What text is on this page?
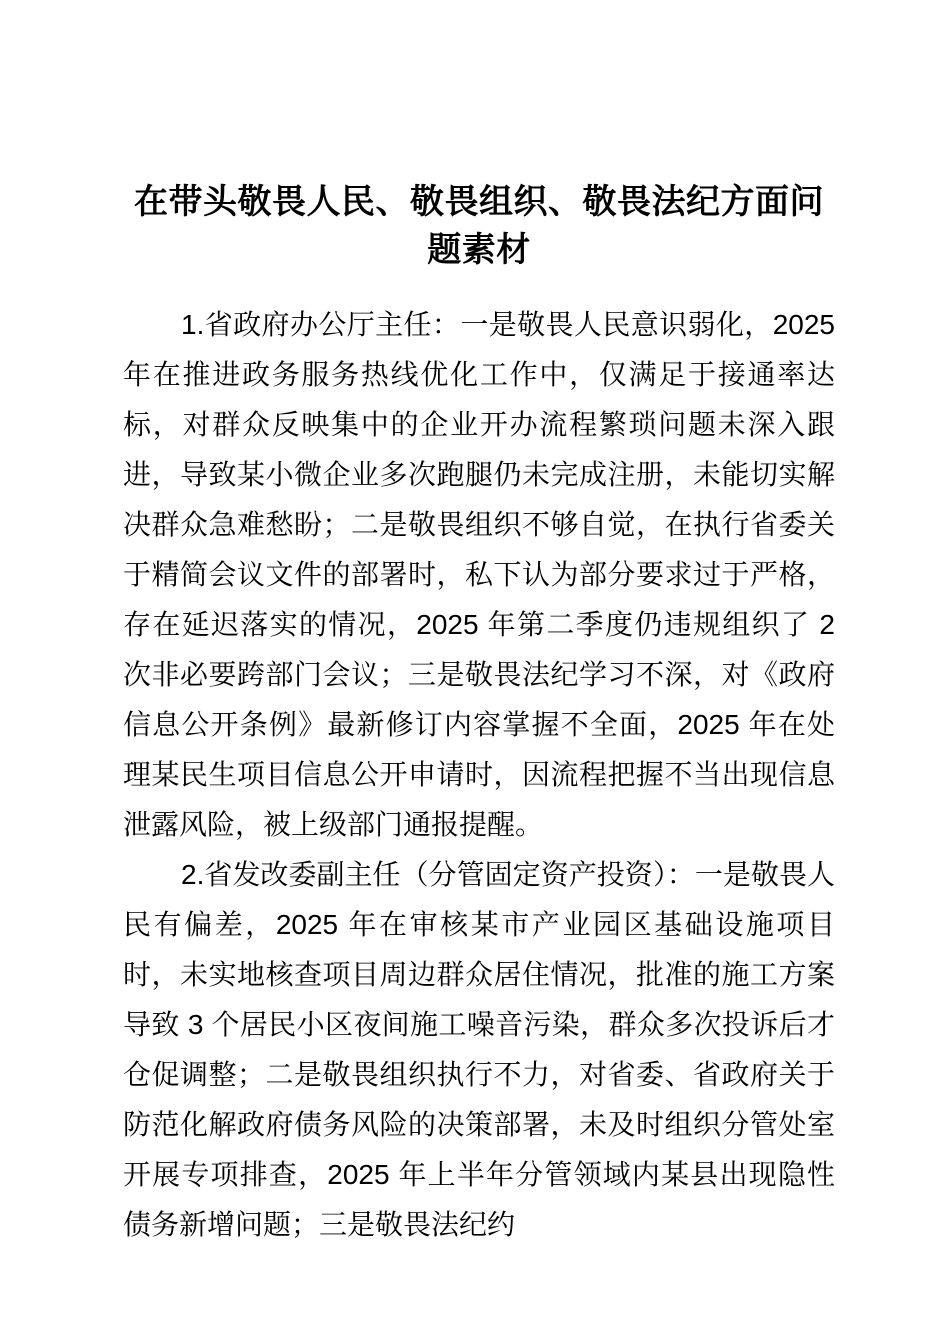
在带头敬畏人民、敬畏组织、敬畏法纪方面问题素材

1.省政府办公厅主任：一是敬畏人民意识弱化，2025 年在推进政务服务热线优化工作中，仅满足于接通率达标，对群众反映集中的企业开办流程繁琐问题未深入跟进，导致某小微企业多次跑腿仍未完成注册，未能切实解决群众急难愁盼；二是敬畏组织不够自觉，在执行省委关于精简会议文件的部署时，私下认为部分要求过于严格，存在延迟落实的情况，2025 年第二季度仍违规组织了 2 次非必要跨部门会议；三是敬畏法纪学习不深，对《政府信息公开条例》最新修订内容掌握不全面，2025 年在处理某民生项目信息公开申请时，因流程把握不当出现信息泄露风险，被上级部门通报提醒。

2.省发改委副主任（分管固定资产投资）：一是敬畏人民有偏差，2025 年在审核某市产业园区基础设施项目时，未实地核查项目周边群众居住情况，批准的施工方案导致 3 个居民小区夜间施工噪音污染，群众多次投诉后才仓促调整；二是敬畏组织执行不力，对省委、省政府关于防范化解政府债务风险的决策部署，未及时组织分管处室开展专项排查，2025 年上半年分管领域内某县出现隐性债务新增问题；三是敬畏法纪约
